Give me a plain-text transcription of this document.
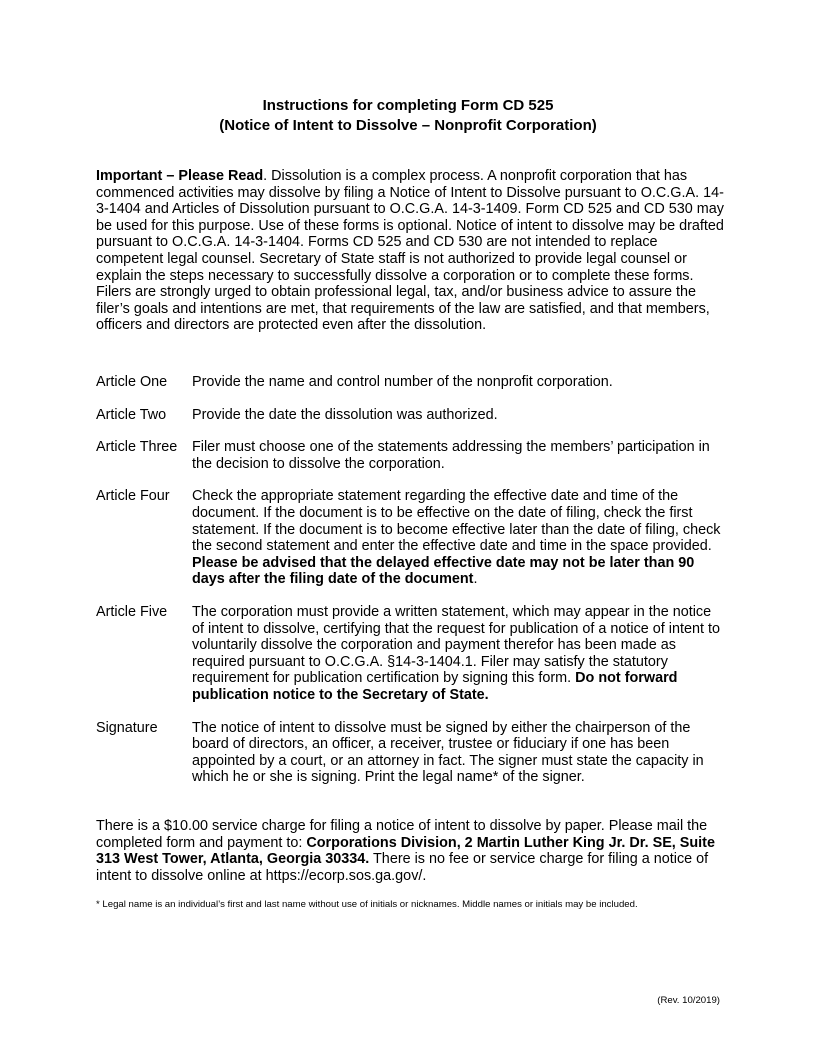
Instructions for completing Form CD 525
(Notice of Intent to Dissolve – Nonprofit Corporation)

Important – Please Read. Dissolution is a complex process. A nonprofit corporation that has commenced activities may dissolve by filing a Notice of Intent to Dissolve pursuant to O.C.G.A. 14-3-1404 and Articles of Dissolution pursuant to O.C.G.A. 14-3-1409. Form CD 525 and CD 530 may be used for this purpose. Use of these forms is optional. Notice of intent to dissolve may be drafted pursuant to O.C.G.A. 14-3-1404. Forms CD 525 and CD 530 are not intended to replace competent legal counsel. Secretary of State staff is not authorized to provide legal counsel or explain the steps necessary to successfully dissolve a corporation or to complete these forms. Filers are strongly urged to obtain professional legal, tax, and/or business advice to assure the filer’s goals and intentions are met, that requirements of the law are satisfied, and that members, officers and directors are protected even after the dissolution.

Article One	Provide the name and control number of the nonprofit corporation.
Article Two	Provide the date the dissolution was authorized.
Article Three	Filer must choose one of the statements addressing the members’ participation in the decision to dissolve the corporation.
Article Four	Check the appropriate statement regarding the effective date and time of the document. If the document is to be effective on the date of filing, check the first statement. If the document is to become effective later than the date of filing, check the second statement and enter the effective date and time in the space provided. Please be advised that the delayed effective date may not be later than 90 days after the filing date of the document.
Article Five	The corporation must provide a written statement, which may appear in the notice of intent to dissolve, certifying that the request for publication of a notice of intent to voluntarily dissolve the corporation and payment therefor has been made as required pursuant to O.C.G.A. §14-3-1404.1. Filer may satisfy the statutory requirement for publication certification by signing this form. Do not forward publication notice to the Secretary of State.
Signature	The notice of intent to dissolve must be signed by either the chairperson of the board of directors, an officer, a receiver, trustee or fiduciary if one has been appointed by a court, or an attorney in fact. The signer must state the capacity in which he or she is signing. Print the legal name* of the signer.

There is a $10.00 service charge for filing a notice of intent to dissolve by paper. Please mail the completed form and payment to: Corporations Division, 2 Martin Luther King Jr. Dr. SE, Suite 313 West Tower, Atlanta, Georgia 30334. There is no fee or service charge for filing a notice of intent to dissolve online at https://ecorp.sos.ga.gov/.

* Legal name is an individual’s first and last name without use of initials or nicknames. Middle names or initials may be included.

(Rev. 10/2019)
